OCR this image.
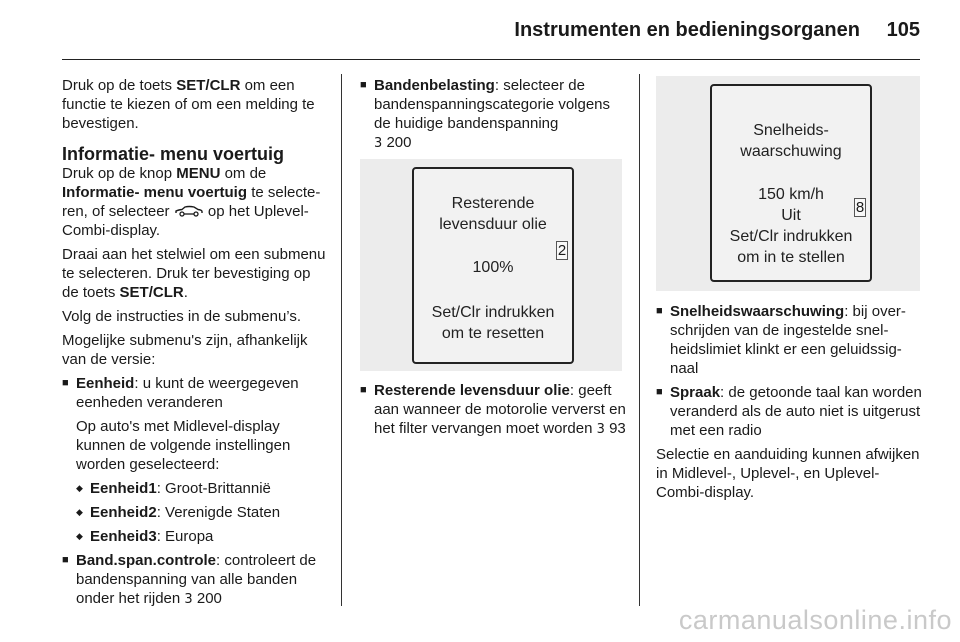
Instrumenten en bedieningsorganen 105

Druk op de toets SET/CLR om een functie te kiezen of om een melding te bevestigen.

Informatie- menu voertuig

Druk op de knop MENU om de Informatie- menu voertuig te selecteren, of selecteer  op het Uplevel-Combi-display.

Draai aan het stelwiel om een submenu te selecteren. Druk ter bevestiging op de toets SET/CLR.

Volg de instructies in de submenu’s.

Mogelijke submenu's zijn, afhankelijk van de versie:

■ Eenheid: u kunt de weergegeven eenheden veranderen

Op auto's met Midlevel-display kunnen de volgende instellingen worden geselecteerd:

◆ Eenheid1: Groot-Brittannië
◆ Eenheid2: Verenigde Staten
◆ Eenheid3: Europa
■ Band.span.controle: controleert de bandenspanning van alle banden onder het rijden 3 200
■ Bandenbelasting: selecteer de bandenspanningscategorie volgens de huidige bandenspanning
3 200
Resterende
levensduur olie
100%
Set/Clr indrukken
om te resetten
2
■ Resterende levensduur olie: geeft aan wanneer de motorolie ververst en het filter vervangen moet worden 3 93
Snelheids-
waarschuwing
150 km/h
Uit
Set/Clr indrukken
om in te stellen
8
■ Snelheidswaarschuwing: bij overschrijden van de ingestelde snelheidslimiet klinkt er een geluidssignaal
■ Spraak: de getoonde taal kan worden veranderd als de auto niet is uitgerust met een radio

Selectie en aanduiding kunnen afwijken in Midlevel-, Uplevel-, en Uplevel-Combi-display.

carmanualsonline.info
